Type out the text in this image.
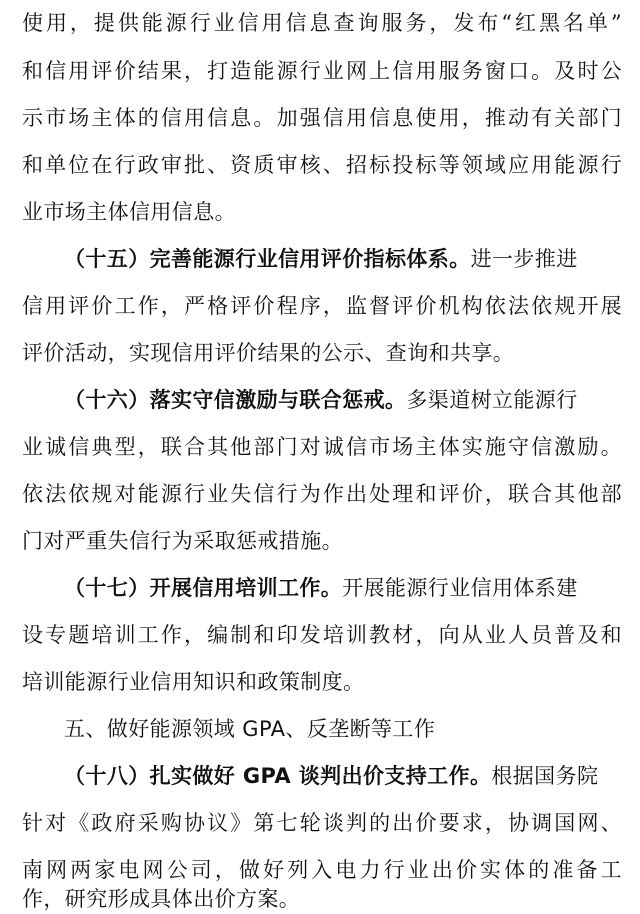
使用，提供能源行业信用信息查询服务，发布“红黑名单”
和信用评价结果，打造能源行业网上信用服务窗口。及时公
示市场主体的信用信息。加强信用信息使用，推动有关部门
和单位在行政审批、资质审核、招标投标等领域应用能源行
业市场主体信用信息。
（十五）完善能源行业信用评价指标体系。进一步推进
信用评价工作，严格评价程序，监督评价机构依法依规开展
评价活动，实现信用评价结果的公示、查询和共享。
（十六）落实守信激励与联合惩戒。多渠道树立能源行
业诚信典型，联合其他部门对诚信市场主体实施守信激励。
依法依规对能源行业失信行为作出处理和评价，联合其他部
门对严重失信行为采取惩戒措施。
（十七）开展信用培训工作。开展能源行业信用体系建
设专题培训工作，编制和印发培训教材，向从业人员普及和
培训能源行业信用知识和政策制度。
五、做好能源领域 GPA、反垄断等工作
（十八）扎实做好 GPA 谈判出价支持工作。根据国务院
针对《政府采购协议》第七轮谈判的出价要求，协调国网、
南网两家电网公司，做好列入电力行业出价实体的准备工
作，研究形成具体出价方案。
